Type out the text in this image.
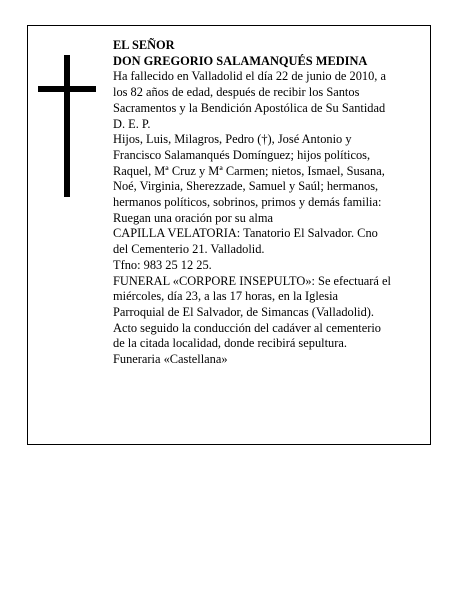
EL SEÑOR
DON GREGORIO SALAMANQUÉS MEDINA
Ha fallecido en Valladolid el día 22 de junio de 2010, a
los 82 años de edad, después de recibir los Santos
Sacramentos y la Bendición Apostólica de Su Santidad
D. E. P.
Hijos, Luis, Milagros, Pedro (†), José Antonio y
Francisco Salamanqués Domínguez; hijos políticos,
Raquel, Mª Cruz y Mª Carmen; nietos, Ismael, Susana,
Noé, Virginia, Sherezzade, Samuel y Saúl; hermanos,
hermanos políticos, sobrinos, primos y demás familia:
Ruegan una oración por su alma
CAPILLA VELATORIA: Tanatorio El Salvador. Cno
del Cementerio 21. Valladolid.
Tfno: 983 25 12 25.
FUNERAL «CORPORE INSEPULTO»: Se efectuará el
miércoles, día 23, a las 17 horas, en la Iglesia
Parroquial de El Salvador, de Simancas (Valladolid).
Acto seguido la conducción del cadáver al cementerio
de la citada localidad, donde recibirá sepultura.
Funeraria «Castellana»
